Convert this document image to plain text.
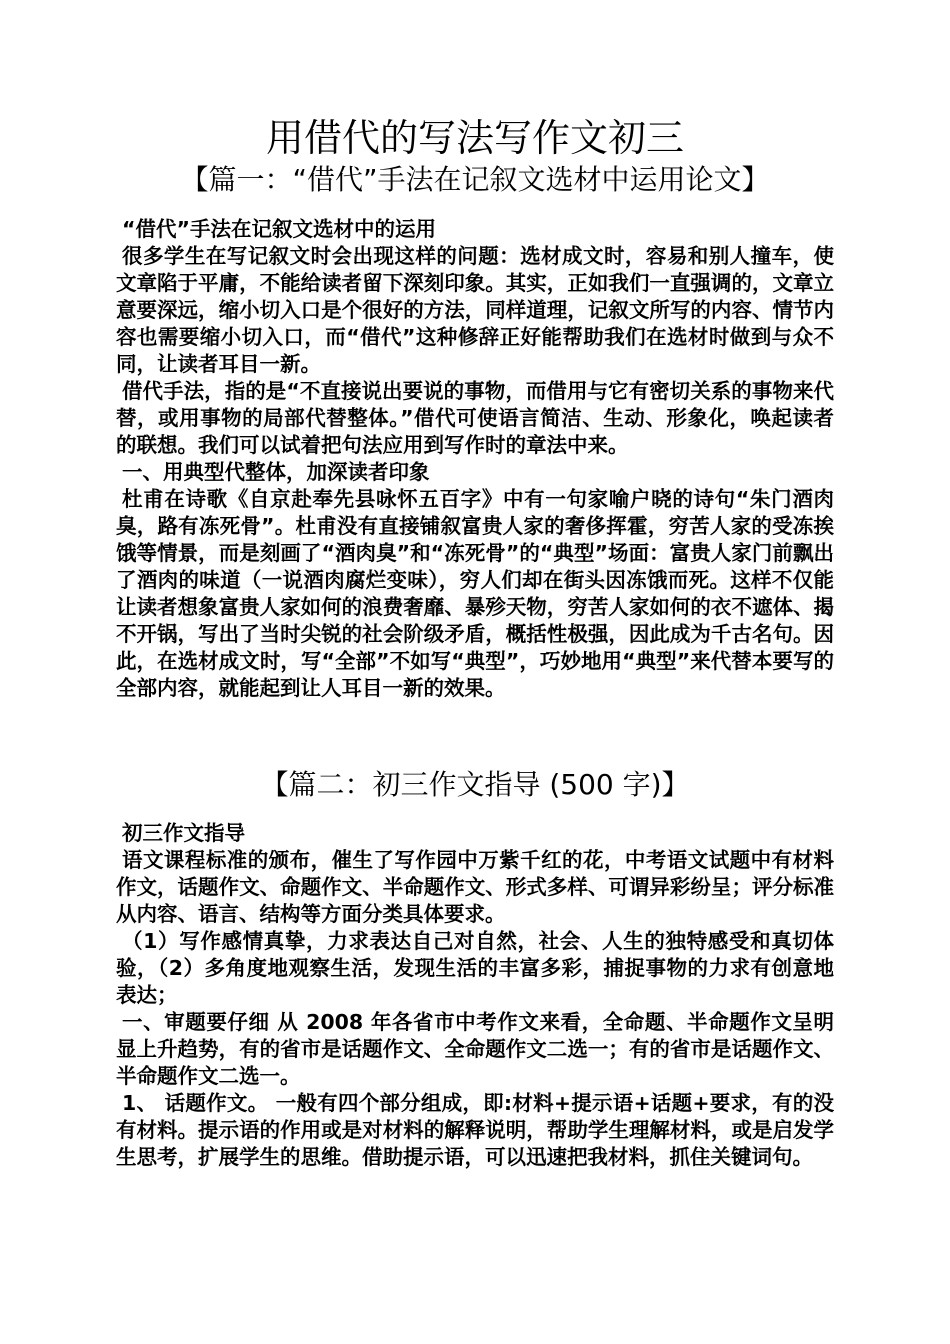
用借代的写法写作文初三
【篇一：“借代”手法在记叙文选材中运用论文】

“借代”手法在记叙文选材中的运用

很多学生在写记叙文时会出现这样的问题：选材成文时，容易和别人撞车，使文章陷于平庸，不能给读者留下深刻印象。其实，正如我们一直强调的，文章立意要深远，缩小切入口是个很好的方法，同样道理，记叙文所写的内容、情节内容也需要缩小切入口，而“借代”这种修辞正好能帮助我们在选材时做到与众不同，让读者耳目一新。

借代手法，指的是“不直接说出要说的事物，而借用与它有密切关系的事物来代替，或用事物的局部代替整体。”借代可使语言简洁、生动、形象化，唤起读者的联想。我们可以试着把句法应用到写作时的章法中来。

一、用典型代整体，加深读者印象

杜甫在诗歌《自京赴奉先县咏怀五百字》中有一句家喻户晓的诗句“朱门酒肉臭，路有冻死骨”。杜甫没有直接铺叙富贵人家的奢侈挥霍，穷苦人家的受冻挨饿等情景，而是刻画了“酒肉臭”和“冻死骨”的“典型”场面：富贵人家门前飘出了酒肉的味道（一说酒肉腐烂变味），穷人们却在街头因冻饿而死。这样不仅能让读者想象富贵人家如何的浪费奢靡、暴殄天物，穷苦人家如何的衣不遮体、揭不开锅，写出了当时尖锐的社会阶级矛盾，概括性极强，因此成为千古名句。因此，在选材成文时，写“全部”不如写“典型”，巧妙地用“典型”来代替本要写的全部内容，就能起到让人耳目一新的效果。

【篇二：初三作文指导 (500 字)】

初三作文指导

语文课程标准的颁布，催生了写作园中万紫千红的花，中考语文试题中有材料作文，话题作文、命题作文、半命题作文、形式多样、可谓异彩纷呈；评分标准从内容、语言、结构等方面分类具体要求。

（1）写作感情真挚，力求表达自己对自然，社会、人生的独特感受和真切体验，（2）多角度地观察生活，发现生活的丰富多彩，捕捉事物的力求有创意地表达；

一、审题要仔细 从 2008 年各省市中考作文来看，全命题、半命题作文呈明显上升趋势，有的省市是话题作文、全命题作文二选一；有的省市是话题作文、半命题作文二选一。

1、 话题作文。 一般有四个部分组成，即:材料+提示语+话题+要求，有的没有材料。提示语的作用或是对材料的解释说明，帮助学生理解材料，或是启发学生思考，扩展学生的思维。借助提示语，可以迅速把我材料，抓住关键词句。
